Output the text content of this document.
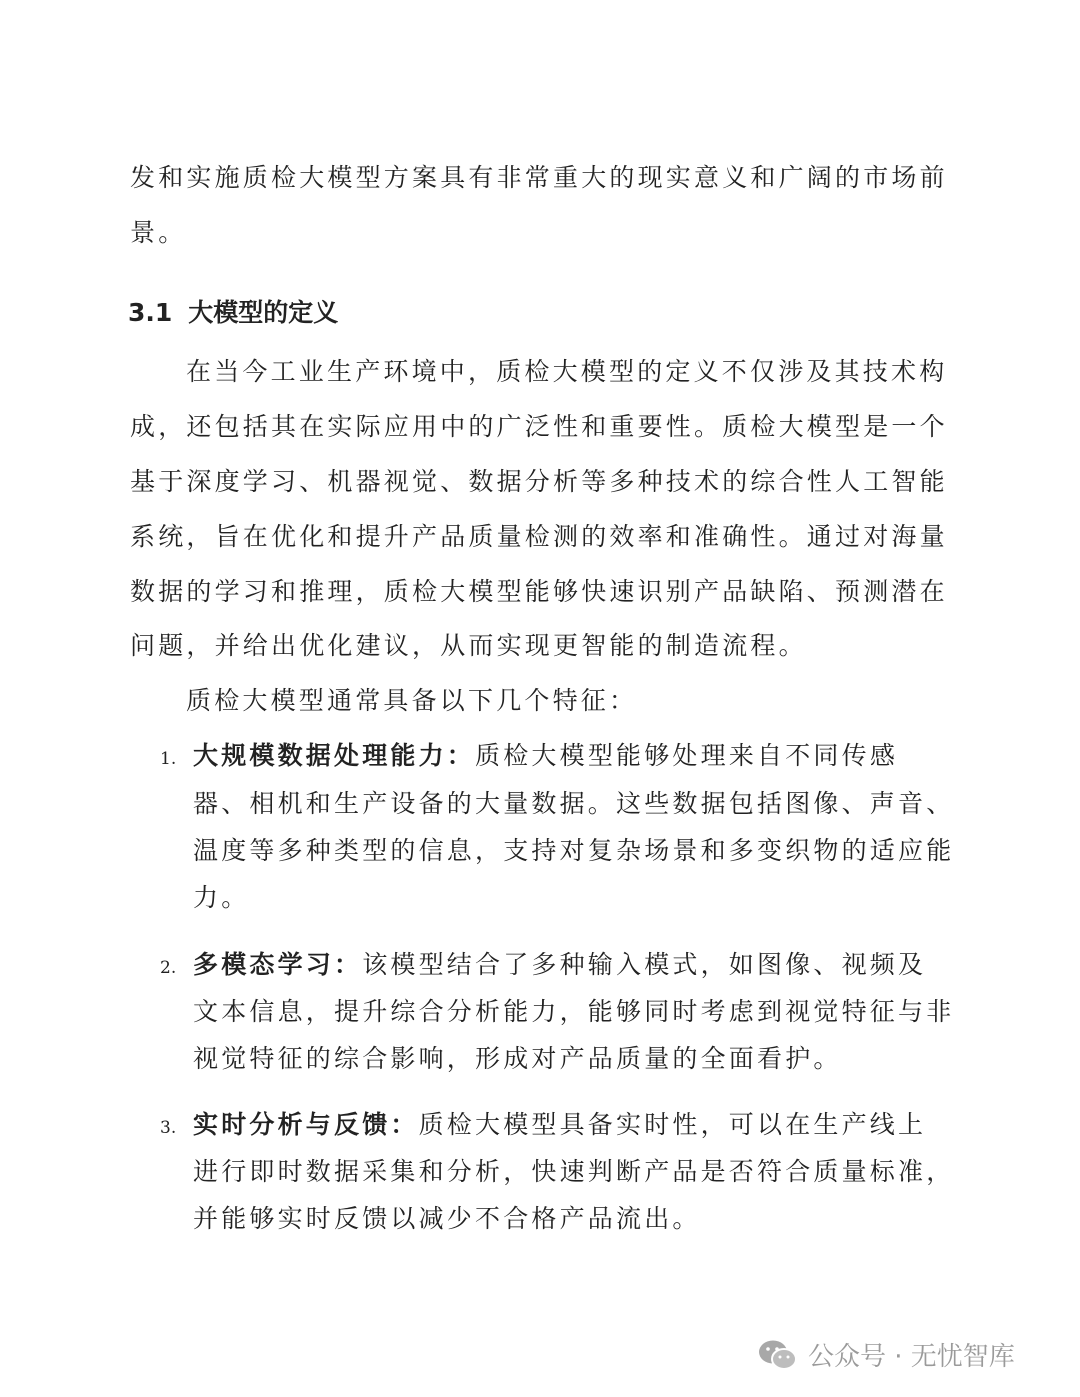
发和实施质检大模型方案具有非常重大的现实意义和广阔的市场前
景。
3.1 大模型的定义
在当今工业生产环境中，质检大模型的定义不仅涉及其技术构
成，还包括其在实际应用中的广泛性和重要性。质检大模型是一个
基于深度学习、机器视觉、数据分析等多种技术的综合性人工智能
系统，旨在优化和提升产品质量检测的效率和准确性。通过对海量
数据的学习和推理，质检大模型能够快速识别产品缺陷、预测潜在
问题，并给出优化建议，从而实现更智能的制造流程。
质检大模型通常具备以下几个特征：
1. 大规模数据处理能力：质检大模型能够处理来自不同传感
器、相机和生产设备的大量数据。这些数据包括图像、声音、
温度等多种类型的信息，支持对复杂场景和多变织物的适应能
力。
2. 多模态学习：该模型结合了多种输入模式，如图像、视频及
文本信息，提升综合分析能力，能够同时考虑到视觉特征与非
视觉特征的综合影响，形成对产品质量的全面看护。
3. 实时分析与反馈：质检大模型具备实时性，可以在生产线上
进行即时数据采集和分析，快速判断产品是否符合质量标准，
并能够实时反馈以减少不合格产品流出。
公众号 · 无忧智库
